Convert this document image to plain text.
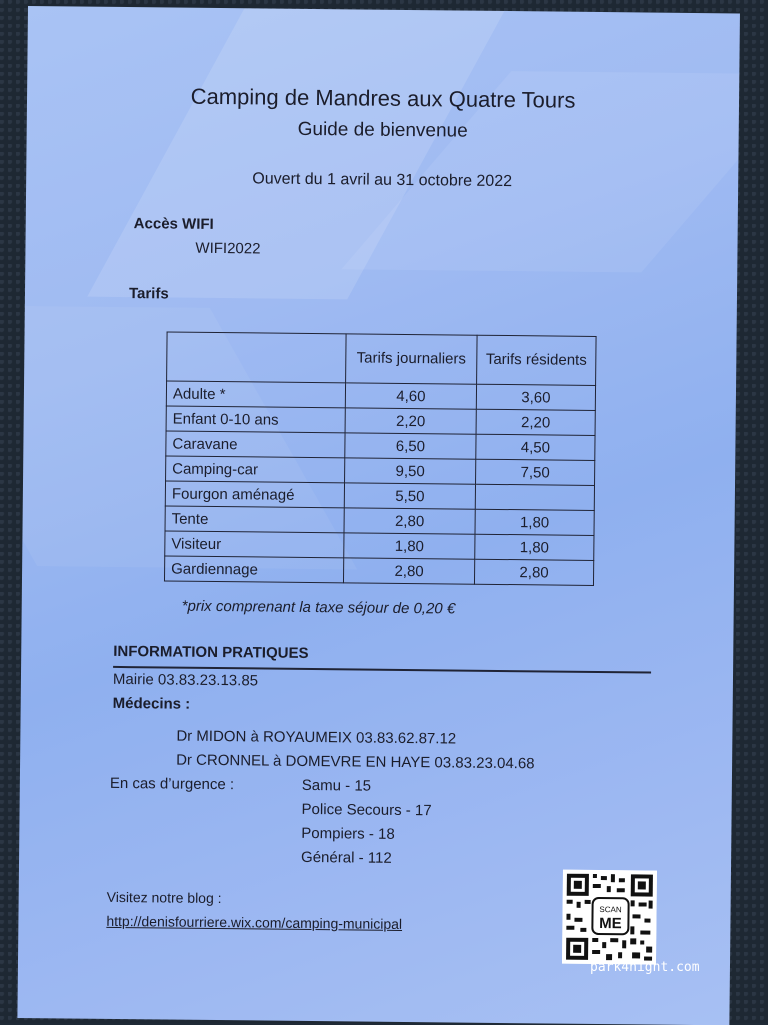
Camping de Mandres aux Quatre Tours
Guide de bienvenue
Ouvert du 1 avril au 31 octobre 2022
Accès WIFI
WIFI2022
Tarifs
	Tarifs journaliers	Tarifs résidents
Adulte *	4,60	3,60
Enfant 0-10 ans	2,20	2,20
Caravane	6,50	4,50
Camping-car	9,50	7,50
Fourgon aménagé	5,50	
Tente	2,80	1,80
Visiteur	1,80	1,80
Gardiennage	2,80	2,80
*prix comprenant la taxe séjour de 0,20 €
INFORMATION PRATIQUES
Mairie 03.83.23.13.85
Médecins :
Dr MIDON à ROYAUMEIX 03.83.62.87.12
Dr CRONNEL à DOMEVRE EN HAYE 03.83.23.04.68
En cas d’urgence :	Samu - 15
Police Secours - 17
Pompiers - 18
Général - 112
Visitez notre blog :
http://denisfourriere.wix.com/camping-municipal
SCAN
ME
park4night.com
